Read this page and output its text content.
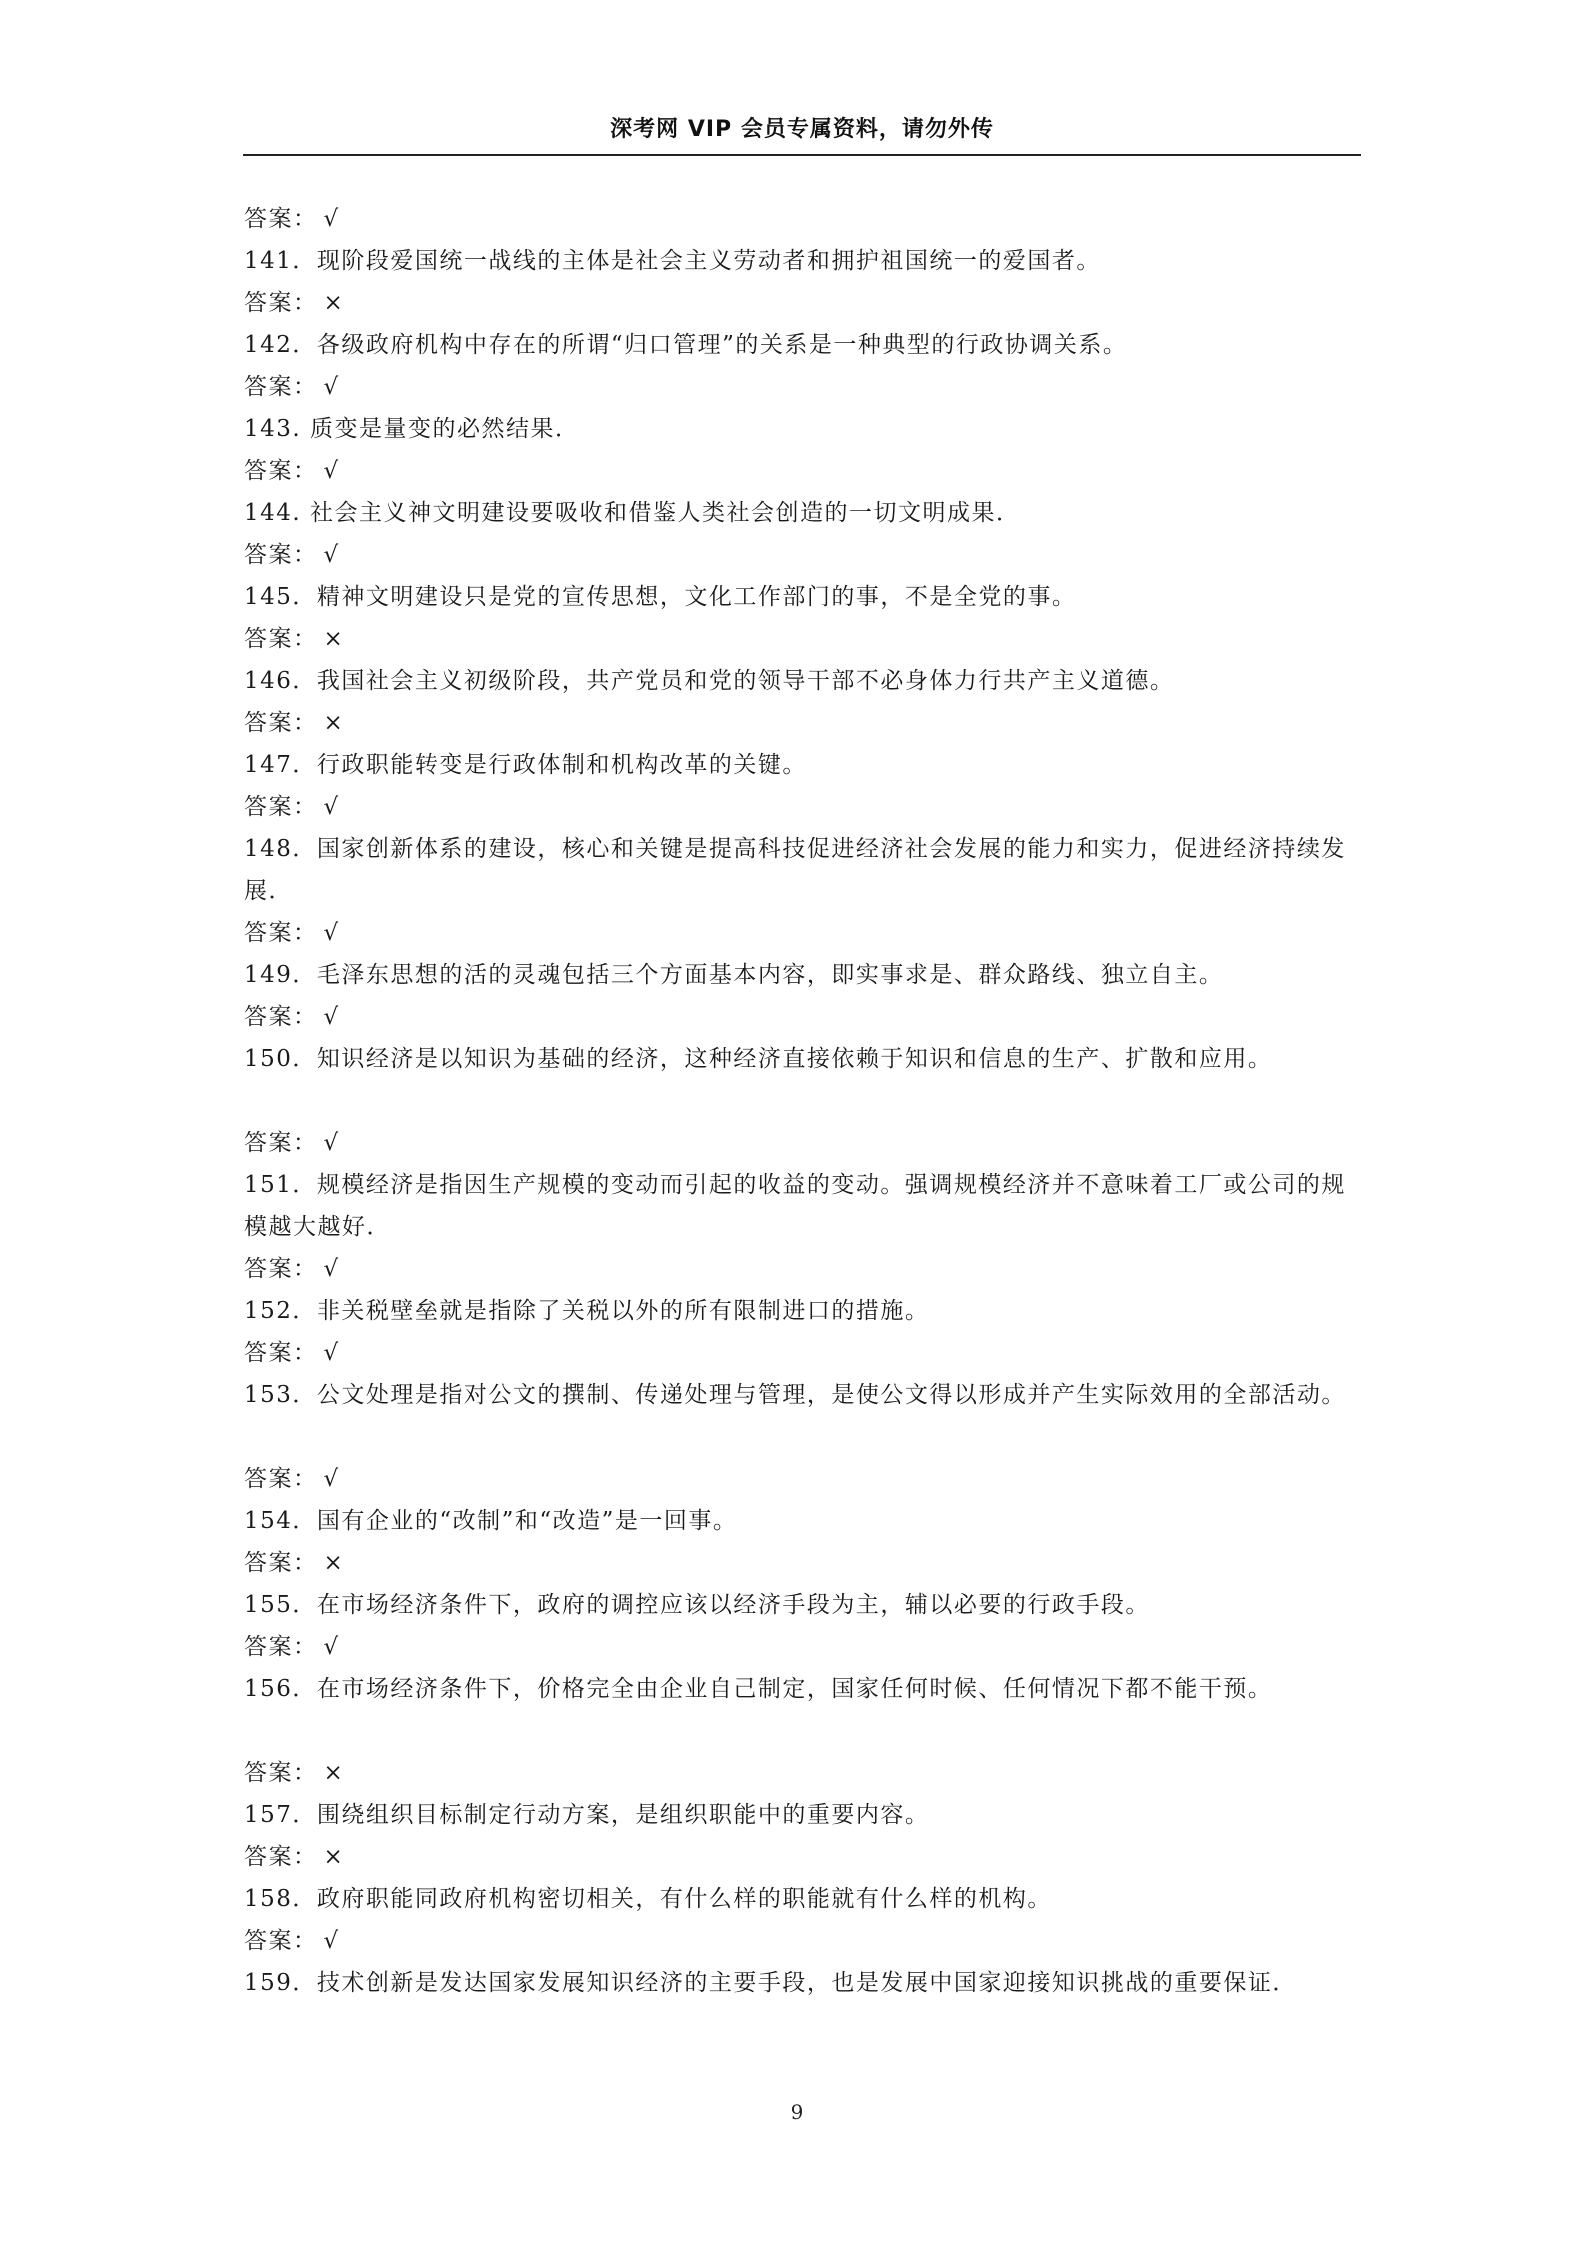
深考网 VIP 会员专属资料，请勿外传
答案： √
141．现阶段爱国统一战线的主体是社会主义劳动者和拥护祖国统一的爱国者。
答案： ×
142．各级政府机构中存在的所谓“归口管理”的关系是一种典型的行政协调关系。
答案： √
143. 质变是量变的必然结果．
答案： √
144. 社会主义神文明建设要吸收和借鉴人类社会创造的一切文明成果．
答案： √
145．精神文明建设只是党的宣传思想，文化工作部门的事，不是全党的事。
答案： ×
146．我国社会主义初级阶段，共产党员和党的领导干部不必身体力行共产主义道德。
答案： ×
147．行政职能转变是行政体制和机构改革的关键。
答案： √
148．国家创新体系的建设，核心和关键是提高科技促进经济社会发展的能力和实力，促进经济持续发展．
答案： √
149．毛泽东思想的活的灵魂包括三个方面基本内容，即实事求是、群众路线、独立自主。
答案： √
150．知识经济是以知识为基础的经济，这种经济直接依赖于知识和信息的生产、扩散和应用。
答案： √
151．规模经济是指因生产规模的变动而引起的收益的变动。强调规模经济并不意味着工厂或公司的规模越大越好．
答案： √
152．非关税壁垒就是指除了关税以外的所有限制进口的措施。
答案： √
153．公文处理是指对公文的撰制、传递处理与管理，是使公文得以形成并产生实际效用的全部活动。
答案： √
154．国有企业的“改制”和“改造”是一回事。
答案： ×
155．在市场经济条件下，政府的调控应该以经济手段为主，辅以必要的行政手段。
答案： √
156．在市场经济条件下，价格完全由企业自己制定，国家任何时候、任何情况下都不能干预。
答案： ×
157．围绕组织目标制定行动方案，是组织职能中的重要内容。
答案： ×
158．政府职能同政府机构密切相关，有什么样的职能就有什么样的机构。
答案： √
159．技术创新是发达国家发展知识经济的主要手段，也是发展中国家迎接知识挑战的重要保证．
9
